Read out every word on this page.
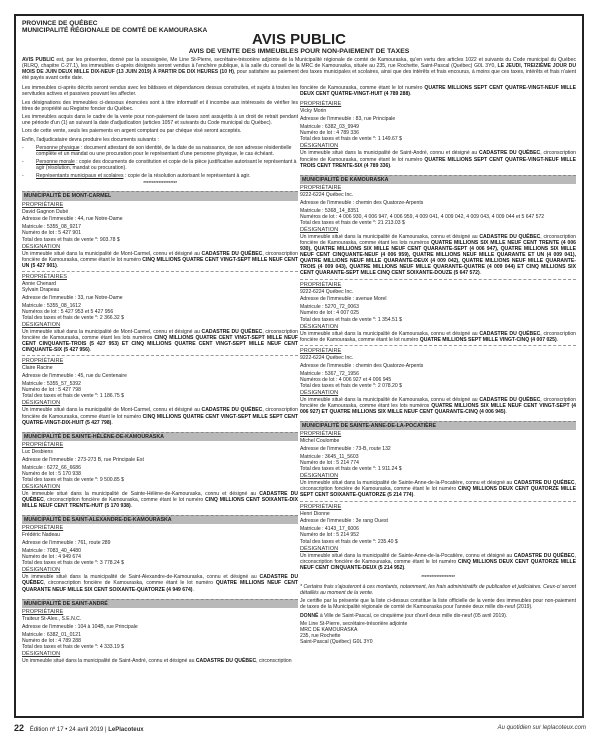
PROVINCE DE QUÉBEC
MUNICIPALITÉ RÉGIONALE DE COMTÉ DE KAMOURASKA	AVIS PUBLIC
AVIS DE VENTE DES IMMEUBLES POUR NON-PAIEMENT DE TAXES
AVIS PUBLIC est, par les présentes, donné par la soussignée, Me Line St-Pierre, secrétaire-trésorière adjointe de la Municipalité régionale de comté de Kamouraska, qu'en vertu des articles 1022 et suivants du Code municipal du Québec (RLRQ, chapitre C-27.1), les immeubles ci-après désignés seront vendus à l'enchère publique, à la salle du conseil de la MRC de Kamouraska, située au 235, rue Rochette, Saint-Pascal (Québec) G0L 3Y0, LE JEUDI, TREIZIÈME JOUR DU MOIS DE JUIN DEUX MILLE DIX-NEUF (13 JUIN 2019) À PARTIR DE DIX HEURES (10 H), pour satisfaire au paiement des taxes municipales et scolaires, ainsi que des intérêts et frais encourus, à moins que ces taxes, intérêts et frais n'aient été payés avant cette date.

Les immeubles ci-après décrits seront vendus avec les bâtisses et dépendances dessus construites, et sujets à toutes les servitudes actives et passives pouvant les affecter.

Les désignations des immeubles ci-dessous énoncées sont à titre informatif et il incombe aux intéressés de vérifier les titres de propriété au Registre foncier du Québec.

Les immeubles acquis dans le cadre de la vente pour non-paiement de taxes sont assujettis à un droit de retrait pendant une période d'un (1) an suivant la date d'adjudication (articles 1057 et suivants du Code municipal du Québec).

Lors de cette vente, seuls les paiements en argent comptant ou par chèque visé seront acceptés.

Enfin, l'adjudicataire devra produire les documents suivants :

-	Personne physique : document attestant de son identité, de la date de sa naissance, de son adresse résidentielle complète et un mandat ou une procuration pour le représentant d'une personne physique, le cas échéant.
-	Personne morale : copie des documents de constitution et copie de la pièce justificative autorisant le représentant à agir (résolution, mandat ou procuration).
-	Représentants municipaux et scolaires : copie de la résolution autorisant le représentant à agir.
********************
MUNICIPALITÉ DE MONT-CARMEL
PROPRIÉTAIRE
David Gagnon Dubé
Adresse de l'immeuble : 44, rue Notre-Dame
Matricule : 5355_08_9217
Numéro de lot : 5 427 901
Total des taxes et frais de vente *: 903.78 $
DÉSIGNATION
Un immeuble situé dans la municipalité de Mont-Carmel, connu et désigné au CADASTRE DU QUÉBEC, circonscription foncière de Kamouraska, comme étant le lot numéro CINQ MILLIONS QUATRE CENT VINGT-SEPT MILLE NEUF CENT UN (5 427 901).
PROPRIÉTAIRES
Annie Chenard
Sylvain Drapeau
Adresse de l'immeuble : 33, rue Notre-Dame
Matricule : 5355_08_1612
Numéros de lot : 5 427 953 et 5 427 956
Total des taxes et frais de vente *: 2 366.32 $
DÉSIGNATION
Un immeuble situé dans la municipalité de Mont-Carmel, connu et désigné au CADASTRE DU QUÉBEC, circonscription foncière de Kamouraska, comme étant les lots numéros CINQ MILLIONS QUATRE CENT VINGT-SEPT MILLE NEUF CENT CINQUANTE-TROIS (5 427 953) ET CINQ MILLIONS QUATRE CENT VINGT-SEPT MILLE NEUF CENT CINQUANTE-SIX (5 427 956).
PROPRIÉTAIRE
Claire Racine
Adresse de l'immeuble : 45, rue du Centenaire
Matricule : 5355_57_5392
Numéro de lot : 5 427 798
Total des taxes et frais de vente *: 1 186.75 $
DÉSIGNATION
Un immeuble situé dans la municipalité de Mont-Carmel, connu et désigné au CADASTRE DU QUÉBEC, circonscription foncière de Kamouraska, comme étant le lot numéro CINQ MILLIONS QUATRE CENT VINGT-SEPT MILLE SEPT CENT QUATRE-VINGT-DIX-HUIT (5 427 798).
MUNICIPALITÉ DE SAINTE-HÉLÈNE-DE-KAMOURASKA
PROPRIÉTAIRE
Luc Desbiens
Adresse de l'immeuble : 273-273 B, rue Principale Est
Matricule : 6272_66_6686
Numéro de lot : 5 170 938
Total des taxes et frais de vente *: 9 500.85 $
DÉSIGNATION
Un immeuble situé dans la municipalité de Sainte-Hélène-de-Kamouraska, connu et désigné au CADASTRE DU QUÉBEC, circonscription foncière de Kamouraska, comme étant le lot numéro CINQ MILLIONS CENT SOIXANTE-DIX MILLE NEUF CENT TRENTE-HUIT (5 170 938).
MUNICIPALITÉ DE SAINT-ALEXANDRE-DE-KAMOURASKA
PROPRIÉTAIRE
Frédéric Nadeau
Adresse de l'immeuble : 761, route 289
Matricule : 7083_40_4480
Numéro de lot : 4 949 674
Total des taxes et frais de vente *: 3 778.24 $
DÉSIGNATION
Un immeuble situé dans la municipalité de Saint-Alexandre-de-Kamouraska, connu et désigné au CADASTRE DU QUÉBEC, circonscription foncière de Kamouraska, comme étant le lot numéro QUATRE MILLIONS NEUF CENT QUARANTE NEUF MILLE SIX CENT SOIXANTE-QUATORZE (4 949 674).
MUNICIPALITÉ DE SAINT-ANDRÉ
PROPRIÉTAIRE
Traiteur St-Alex., S.E.N.C.
Adresse de l'immeuble : 104 à 104B, rue Principale
Matricule : 6382_01_0121
Numéro de lot : 4 789 288
Total des taxes et frais de vente *: 4 333.19 $
DÉSIGNATION
Un immeuble situé dans la municipalité de Saint-André, connu et désigné au CADASTRE DU QUÉBEC, circonscription
foncière de Kamouraska, comme étant le lot numéro QUATRE MILLIONS SEPT CENT QUATRE-VINGT-NEUF MILLE DEUX CENT QUATRE-VINGT-HUIT (4 789 288).
PROPRIÉTAIRE
Vicky Morin
Adresse de l'immeuble : 83, rue Principale
Matricule : 6382_03_9949
Numéro de lot : 4 789 336
Total des taxes et frais de vente *: 1 149.67 $
DÉSIGNATION
Un immeuble situé dans la municipalité de Saint-André, connu et désigné au CADASTRE DU QUÉBEC, circonscription foncière de Kamouraska, comme étant le lot numéro QUATRE MILLIONS SEPT CENT QUATRE-VINGT-NEUF MILLE TROIS CENT TRENTE-SIX (4 789 336).
MUNICIPALITÉ DE KAMOURASKA
PROPRIÉTAIRE
9222-6224 Québec Inc.
Adresse de l'immeuble : chemin des Quatorze-Arpents
Matricule : 5368_14_8351
Numéros de lot : 4 006 930, 4 006 947, 4 006 959, 4 009 041, 4 009 042, 4 009 043, 4 009 044 et 5 647 572
Total des taxes et frais de vente *: 21 213.03 $
DÉSIGNATION
Un immeuble situé dans la municipalité de Kamouraska, connu et désigné au CADASTRE DU QUÉBEC, circonscription foncière de Kamouraska, comme étant les lots numéros QUATRE MILLIONS SIX MILLE NEUF CENT TRENTE (4 006 930), QUATRE MILLIONS SIX MILLE NEUF CENT QUARANTE-SEPT (4 006 947), QUATRE MILLIONS SIX MILLE NEUF CENT CINQUANTE-NEUF (4 006 959), QUATRE MILLIONS NEUF MILLE QUARANTE ET UN (4 009 041), QUATRE MILLIONS NEUF MILLE QUARANTE-DEUX (4 009 042), QUATRE MILLIONS NEUF MILLE QUARANTE-TROIS (4 009 043), QUATRE MILLIONS NEUF MILLE QUARANTE-QUATRE (4 009 044) ET CINQ MILLIONS SIX CENT QUARANTE-SEPT MILLE CINQ CENT SOIXANTE-DOUZE (5 647 572).
PROPRIÉTAIRE
9222-6224 Québec Inc.
Adresse de l'immeuble : avenue Morel
Matricule : 5270_72_0063
Numéro de lot : 4 007 025
Total des taxes et frais de vente *: 1 354.51 $
DÉSIGNATION
Un immeuble situé dans la municipalité de Kamouraska, connu et désigné au CADASTRE DU QUÉBEC, circonscription foncière de Kamouraska, comme étant le lot numéro QUATRE MILLIONS SEPT MILLE VINGT-CINQ (4 007 025).
PROPRIÉTAIRE
9222-6224 Québec Inc.
Adresse de l'immeuble : chemin des Quatorze-Arpents
Matricule : 5367_72_1956
Numéros de lot : 4 006 927 et 4 006 945
Total des taxes et frais de vente *: 2 078.20 $
DÉSIGNATION
Un immeuble situé dans la municipalité de Kamouraska, connu et désigné au CADASTRE DU QUÉBEC, circonscription foncière de Kamouraska, comme étant les lots numéros QUATRE MILLIONS SIX MILLE NEUF CENT VINGT-SEPT (4 006 927) ET QUATRE MILLIONS SIX MILLE NEUF CENT QUARANTE-CINQ (4 006 945).
MUNICIPALITÉ DE SAINTE-ANNE-DE-LA-POCATIÈRE
PROPRIÉTAIRE
Michel Coulombe
Adresse de l'immeuble : 73-B, route 132
Matricule : 3645_11_5603
Numéro de lot : 5 214 774
Total des taxes et frais de vente *: 1 911.24 $
DÉSIGNATION
Un immeuble situé dans la municipalité de Sainte-Anne-de-la-Pocatière, connu et désigné au CADASTRE DU QUÉBEC, circonscription foncière de Kamouraska, comme étant le lot numéro CINQ MILLIONS DEUX CENT QUATORZE MILLE SEPT CENT SOIXANTE-QUATORZE (5 214 774).
PROPRIÉTAIRE
Henri Dionne
Adresse de l'immeuble : 3e rang Ouest
Matricule : 4143_17_6006
Numéro de lot : 5 214 952
Total des taxes et frais de vente *: 235.40 $
DÉSIGNATION
Un immeuble situé dans la municipalité de Sainte-Anne-de-la-Pocatière, connu et désigné au CADASTRE DU QUÉBEC, circonscription foncière de Kamouraska, comme étant le lot numéro CINQ MILLIONS DEUX CENT QUATORZE MILLE NEUF CENT CINQUANTE-DEUX (5 214 952).
********************

* Certains frais s'ajouteront à ces montants, notamment, les frais administratifs de publication et judiciaires. Ceux-ci seront détaillés au moment de la vente.

Je certifie par la présente que la liste ci-dessus constitue la liste officielle de la vente des immeubles pour non-paiement de taxes de la Municipalité régionale de comté de Kamouraska pour l'année deux mille dix-neuf (2019).

DONNÉ à Ville de Saint-Pascal, ce cinquième jour d'avril deux mille dix-neuf (05 avril 2019).

Me Line St-Pierre, secrétaire-trésorière adjointe
MRC DE KAMOURASKA
235, rue Rochette
Saint-Pascal (Québec) G0L 3Y0
22 Édition nº 17 • 24 avril 2019 | LePlacoteux	Au quotidien sur leplacoteux.com
